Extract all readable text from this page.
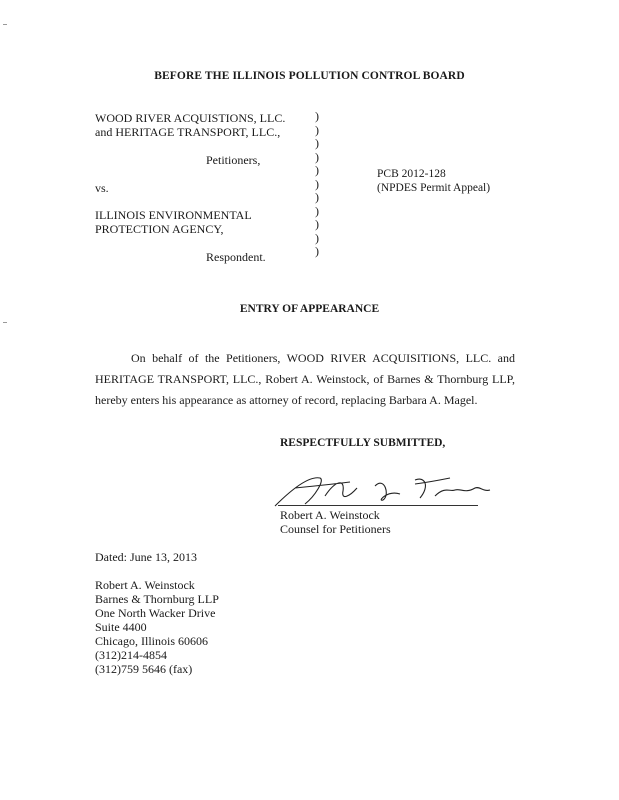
BEFORE THE ILLINOIS POLLUTION CONTROL BOARD
WOOD RIVER ACQUISTIONS, LLC.
and HERITAGE TRANSPORT, LLC.,
Petitioners,
vs.
ILLINOIS ENVIRONMENTAL
PROTECTION AGENCY,
Respondent.
)
)
)
)
)
)
)
)
)
)
)
PCB 2012-128
(NPDES Permit Appeal)
ENTRY OF APPEARANCE
On behalf of the Petitioners, WOOD RIVER ACQUISITIONS, LLC. and HERITAGE TRANSPORT, LLC., Robert A. Weinstock, of Barnes & Thornburg LLP, hereby enters his appearance as attorney of record, replacing Barbara A. Magel.
RESPECTFULLY SUBMITTED,
Robert A. Weinstock
Counsel for Petitioners
Dated: June 13, 2013
Robert A. Weinstock
Barnes & Thornburg LLP
One North Wacker Drive
Suite 4400
Chicago, Illinois 60606
(312)214-4854
(312)759 5646 (fax)
